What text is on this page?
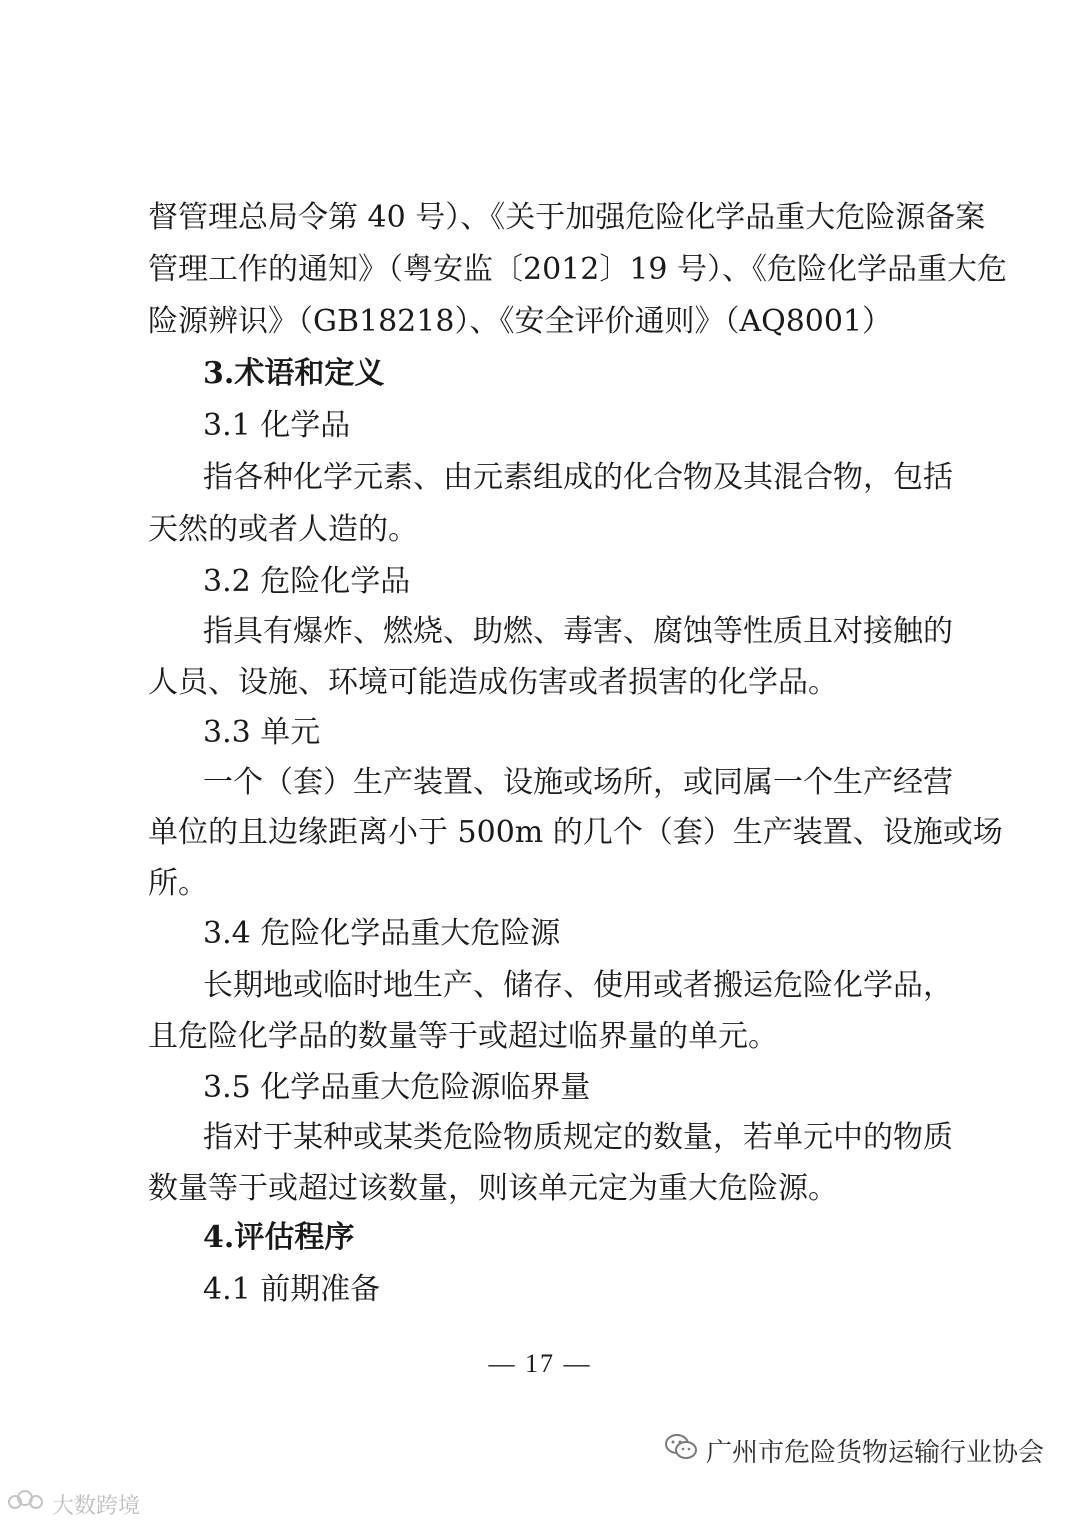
督管理总局令第 40 号）、《关于加强危险化学品重大危险源备案
管理工作的通知》（粤安监〔2012〕19 号）、《危险化学品重大危
险源辨识》（GB18218）、《安全评价通则》（AQ8001）
3.术语和定义
3.1 化学品
指各种化学元素、由元素组成的化合物及其混合物，包括
天然的或者人造的。
3.2 危险化学品
指具有爆炸、燃烧、助燃、毒害、腐蚀等性质且对接触的
人员、设施、环境可能造成伤害或者损害的化学品。
3.3 单元
一个（套）生产装置、设施或场所，或同属一个生产经营
单位的且边缘距离小于 500m 的几个（套）生产装置、设施或场
所。
3.4 危险化学品重大危险源
长期地或临时地生产、储存、使用或者搬运危险化学品，
且危险化学品的数量等于或超过临界量的单元。
3.5 化学品重大危险源临界量
指对于某种或某类危险物质规定的数量，若单元中的物质
数量等于或超过该数量，则该单元定为重大危险源。
4.评估程序
4.1 前期准备
— 17 —
广州市危险货物运输行业协会
大数跨境
